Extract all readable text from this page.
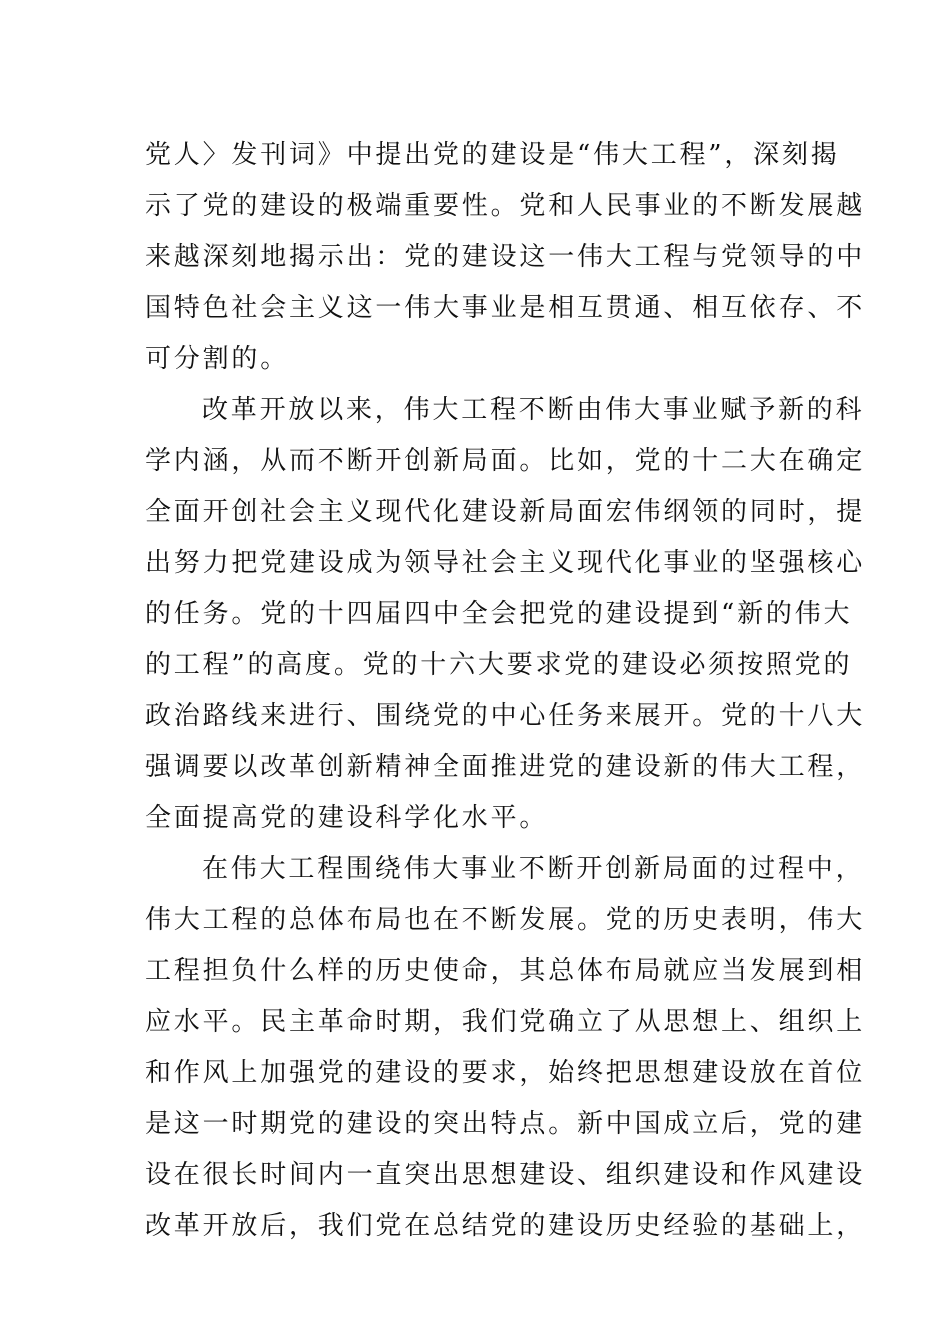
党人〉发刊词》中提出党的建设是“伟大工程”，深刻揭
示了党的建设的极端重要性。党和人民事业的不断发展越
来越深刻地揭示出：党的建设这一伟大工程与党领导的中
国特色社会主义这一伟大事业是相互贯通、相互依存、不
可分割的。
改革开放以来，伟大工程不断由伟大事业赋予新的科
学内涵，从而不断开创新局面。比如，党的十二大在确定
全面开创社会主义现代化建设新局面宏伟纲领的同时，提
出努力把党建设成为领导社会主义现代化事业的坚强核心
的任务。党的十四届四中全会把党的建设提到“新的伟大
的工程”的高度。党的十六大要求党的建设必须按照党的
政治路线来进行、围绕党的中心任务来展开。党的十八大
强调要以改革创新精神全面推进党的建设新的伟大工程，
全面提高党的建设科学化水平。
在伟大工程围绕伟大事业不断开创新局面的过程中，
伟大工程的总体布局也在不断发展。党的历史表明，伟大
工程担负什么样的历史使命，其总体布局就应当发展到相
应水平。民主革命时期，我们党确立了从思想上、组织上
和作风上加强党的建设的要求，始终把思想建设放在首位
是这一时期党的建设的突出特点。新中国成立后，党的建
设在很长时间内一直突出思想建设、组织建设和作风建设
改革开放后，我们党在总结党的建设历史经验的基础上，
